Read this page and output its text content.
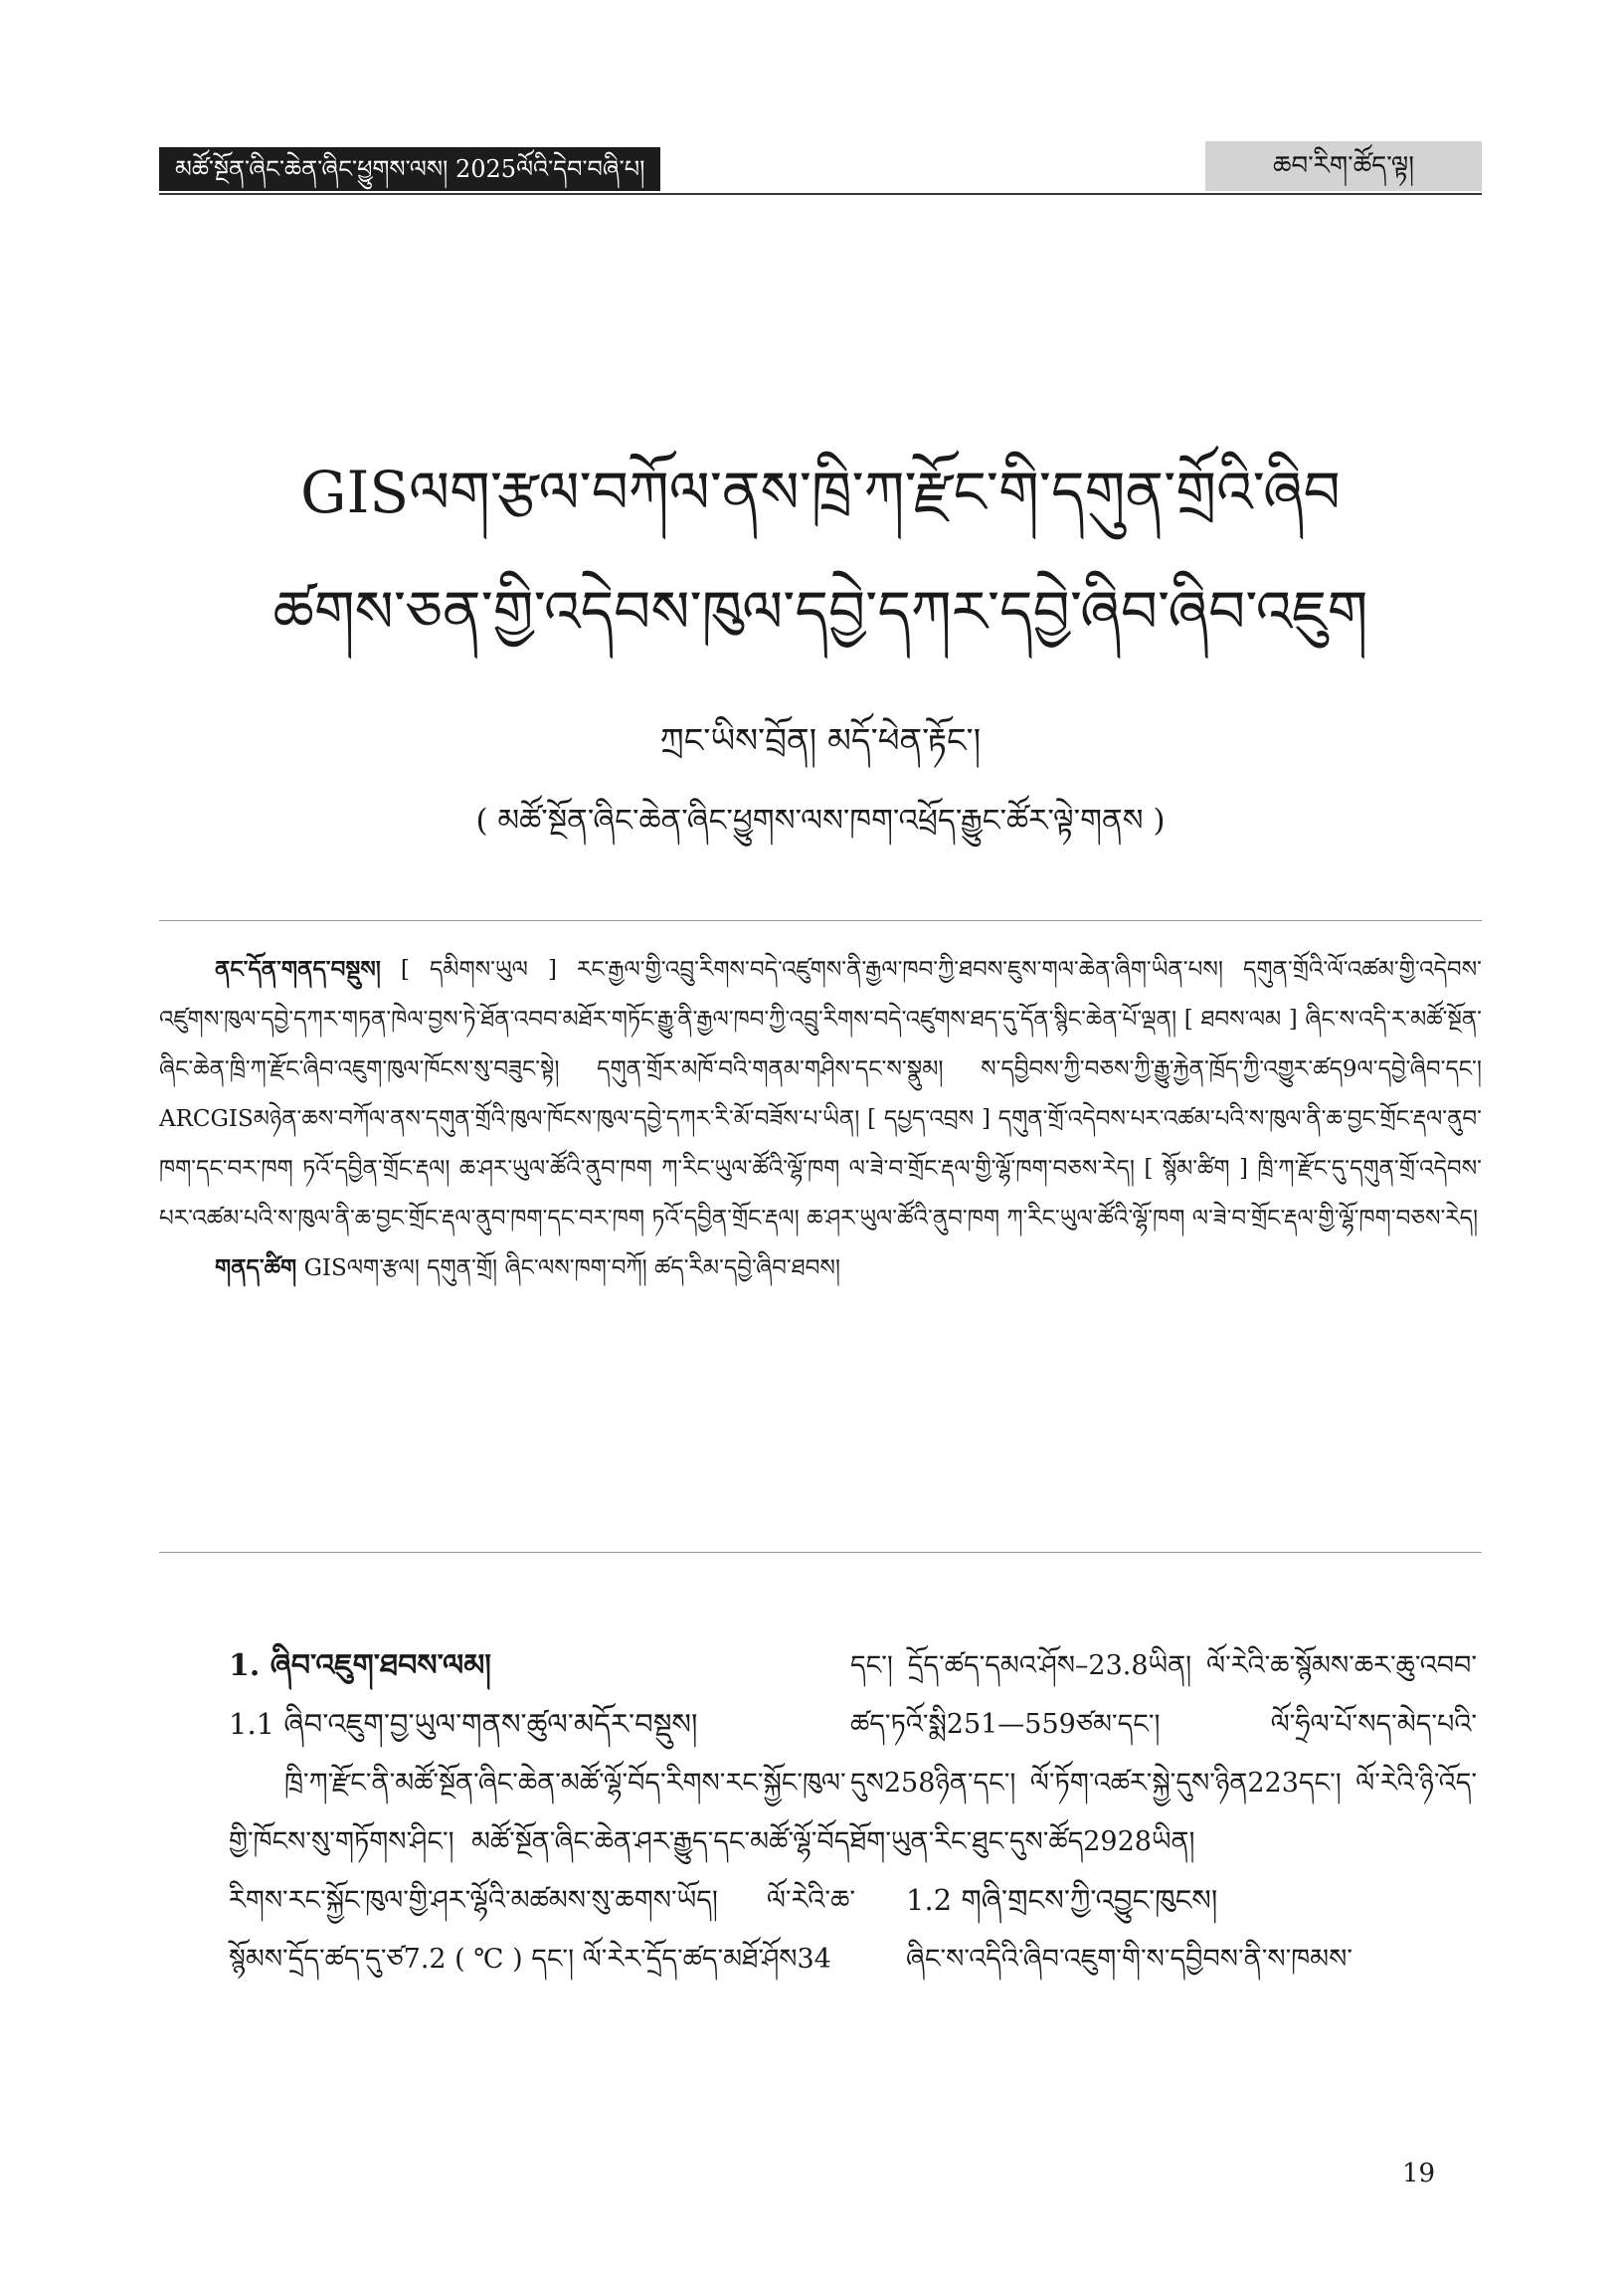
མཚོ་སྔོན་ཞིང་ཆེན་ཞིང་ཕྱུགས་ལས། 2025ལོའི་དེབ་བཞི་པ།	ཆབ་རིག་ཚོད་ལྟ།
GISལག་རྩལ་བཀོལ་ནས་ཁྲི་ཀ་རྫོང་གི་དགུན་གྲོའི་ཞིབ
ཚགས་ཅན་གྱི་འདེབས་ཁུལ་དབྱེ་དཀར་དབྱེ་ཞིབ་ཞིབ་འཇུག
ཀྲང་ཡིས་བྲོན། མདོ་ཕེན་རྟོང་།
( མཚོ་སྔོན་ཞིང་ཆེན་ཞིང་ཕྱུགས་ལས་ཁག་འཕྲོད་རྒྱུང་ཚོར་ལྟེ་གནས )

ནང་དོན་གནད་བསྡུས། [ དམིགས་ཡུལ ] རང་རྒྱལ་གྱི་འབྲུ་རིགས་བདེ་འཛུགས་ནི་རྒྱལ་ཁབ་ཀྱི་ཐབས་ཇུས་གལ་ཆེན་ཞིག་ཡིན་པས། དགུན་གྲོའི་ལོ་འཚམ་གྱི་འདེབས་འཛུགས་ཁུལ་དབྱེ་དཀར་གཏན་ཁེལ་བྱས་ཏེ་ཐོན་འབབ་མཐོར་གཏོང་རྒྱུ་ནི་རྒྱལ་ཁབ་ཀྱི་འབྲུ་རིགས་བདེ་འཛུགས་ཐད་དུ་དོན་སྙིང་ཆེན་པོ་ལྡན། [ ཐབས་ལམ ] ཞིང་ས་འདི་ར་མཚོ་སྔོན་ཞིང་ཆེན་ཁྲི་ཀ་རྫོང་ཞིབ་འཇུག་ཁུལ་ཁོངས་སུ་བཟུང་སྟེ། དགུན་གྲོར་མཁོ་བའི་གནམ་གཤིས་དང་ས་སྣུམ། ས་དབྱིབས་ཀྱི་བཅས་ཀྱི་རྒྱུ་རྐྱེན་ཁྲོད་ཀྱི་འགྱུར་ཚད9ལ་དབྱེ་ཞིབ་དང་། ARCGISམཉེན་ཆས་བཀོལ་ནས་དགུན་གྲོའི་ཁུལ་ཁོངས་ཁུལ་དབྱེ་དཀར་རི་མོ་བཟོས་པ་ཡིན། [ དཔྱད་འབྲས ] དགུན་གྲོ་འདེབས་པར་འཚམ་པའི་ས་ཁུལ་ནི་ཆ་བྱང་གྲོང་རྡལ་ནུབ་ཁག་དང་བར་ཁག ཏའོ་དབྱིན་གྲོང་རྡལ། ཆ་ཤར་ཡུལ་ཚོའི་ནུབ་ཁག ཀ་རིང་ཡུལ་ཚོའི་ལྷོ་ཁག ལ་ཟེ་བ་གྲོང་རྡལ་གྱི་ལྷོ་ཁག་བཅས་རེད། [ སྙོམ་ཚིག ] ཁྲི་ཀ་རྫོང་དུ་དགུན་གྲོ་འདེབས་པར་འཚམ་པའི་ས་ཁུལ་ནི་ཆ་བྱང་གྲོང་རྡལ་ནུབ་ཁག་དང་བར་ཁག ཏའོ་དབྱིན་གྲོང་རྡལ། ཆ་ཤར་ཡུལ་ཚོའི་ནུབ་ཁག ཀ་རིང་ཡུལ་ཚོའི་ལྷོ་ཁག ལ་ཟེ་བ་གྲོང་རྡལ་གྱི་ལྷོ་ཁག་བཅས་རེད།

གནད་ཚིག GISལག་རྩལ། དགུན་གྲོ། ཞིང་ལས་ཁག་བཀོ། ཚད་རིམ་དབྱེ་ཞིབ་ཐབས།

1. ཞིབ་འཇུག་ཐབས་ལམ།

1.1 ཞིབ་འཇུག་བྱ་ཡུལ་གནས་ཚུལ་མདོར་བསྡུས།

ཁྲི་ཀ་རྫོང་ནི་མཚོ་སྔོན་ཞིང་ཆེན་མཚོ་ལྷོ་བོད་རིགས་རང་སྐྱོང་ཁུལ་གྱི་ཁོངས་སུ་གཏོགས་ཤིང་། མཚོ་སྔོན་ཞིང་ཆེན་ཤར་རྒྱུད་དང་མཚོ་ལྷོ་བོད་རིགས་རང་སྐྱོང་ཁུལ་གྱི་ཤར་ལྷོའི་མཚམས་སུ་ཆགས་ཡོད། ལོ་རེའི་ཆ་སྙོམས་དྲོད་ཚད་དུ་ཙ7.2 ( ℃ ) དང་། ལོ་རེར་དྲོད་ཚད་མཐོ་ཤོས34

དང་། དྲོད་ཚད་དམའ་ཤོས–23.8ཡིན། ལོ་རེའི་ཆ་སྙོམས་ཆར་ཆུ་འབབ་ཚད་ཏའོ་སྨི251—559ཙམ་དང་། ལོ་ཧྲིལ་པོ་སད་མེད་པའི་དུས258ཉིན་དང་། ལོ་ཏོག་འཚར་སྐྱེ་དུས་ཉིན223དང་། ལོ་རེའི་ཉི་འོད་ཐོག་ཡུན་རིང་ཐུང་དུས་ཚོད2928ཡིན།

1.2 གཞི་གྲངས་ཀྱི་འབྱུང་ཁུངས།

ཞིང་ས་འདིའི་ཞིབ་འཇུག་གི་ས་དབྱིབས་ནི་ས་ཁམས་

19
